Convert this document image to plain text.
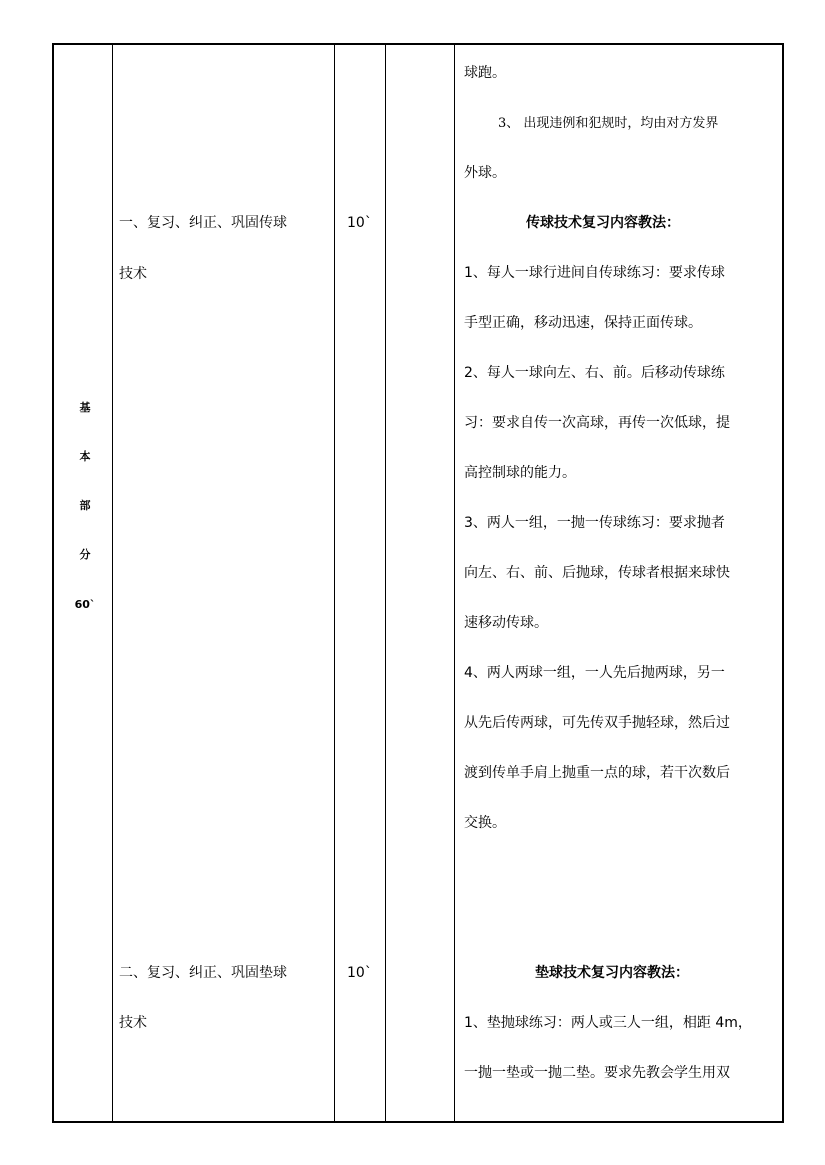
基
本
部
分
60`
一、复习、纠正、巩固传球
技术
二、复习、纠正、巩固垫球
技术
10`
10`
球跑。
3、 出现违例和犯规时，均由对方发界
外球。
传球技术复习内容教法：
1、每人一球行进间自传球练习：要求传球
手型正确，移动迅速，保持正面传球。
2、每人一球向左、右、前。后移动传球练
习：要求自传一次高球，再传一次低球，提
高控制球的能力。
3、两人一组，一抛一传球练习：要求抛者
向左、右、前、后抛球，传球者根据来球快
速移动传球。
4、两人两球一组，一人先后抛两球，另一
从先后传两球，可先传双手抛轻球，然后过
渡到传单手肩上抛重一点的球，若干次数后
交换。
垫球技术复习内容教法：
1、垫抛球练习：两人或三人一组，相距 4m，
一抛一垫或一抛二垫。要求先教会学生用双
